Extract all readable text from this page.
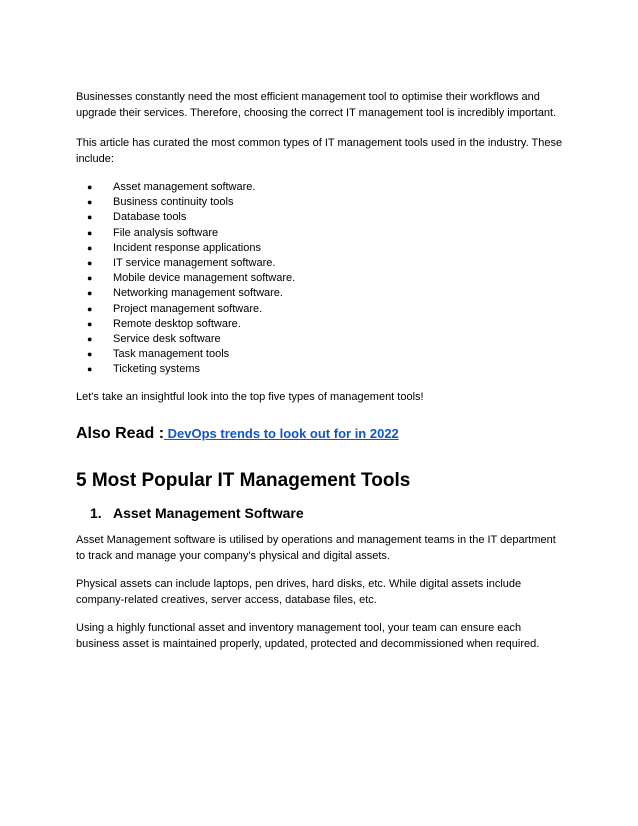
Businesses constantly need the most efficient management tool to optimise their workflows and upgrade their services. Therefore, choosing the correct IT management tool is incredibly important.

This article has curated the most common types of IT management tools used in the industry. These include:

● Asset management software.
● Business continuity tools
● Database tools
● File analysis software
● Incident response applications
● IT service management software.
● Mobile device management software.
● Networking management software.
● Project management software.
● Remote desktop software.
● Service desk software
● Task management tools
● Ticketing systems

Let's take an insightful look into the top five types of management tools!

Also Read : DevOps trends to look out for in 2022

5 Most Popular IT Management Tools
1. Asset Management Software

Asset Management software is utilised by operations and management teams in the IT department to track and manage your company's physical and digital assets.

Physical assets can include laptops, pen drives, hard disks, etc. While digital assets include company-related creatives, server access, database files, etc.

Using a highly functional asset and inventory management tool, your team can ensure each business asset is maintained properly, updated, protected and decommissioned when required.
